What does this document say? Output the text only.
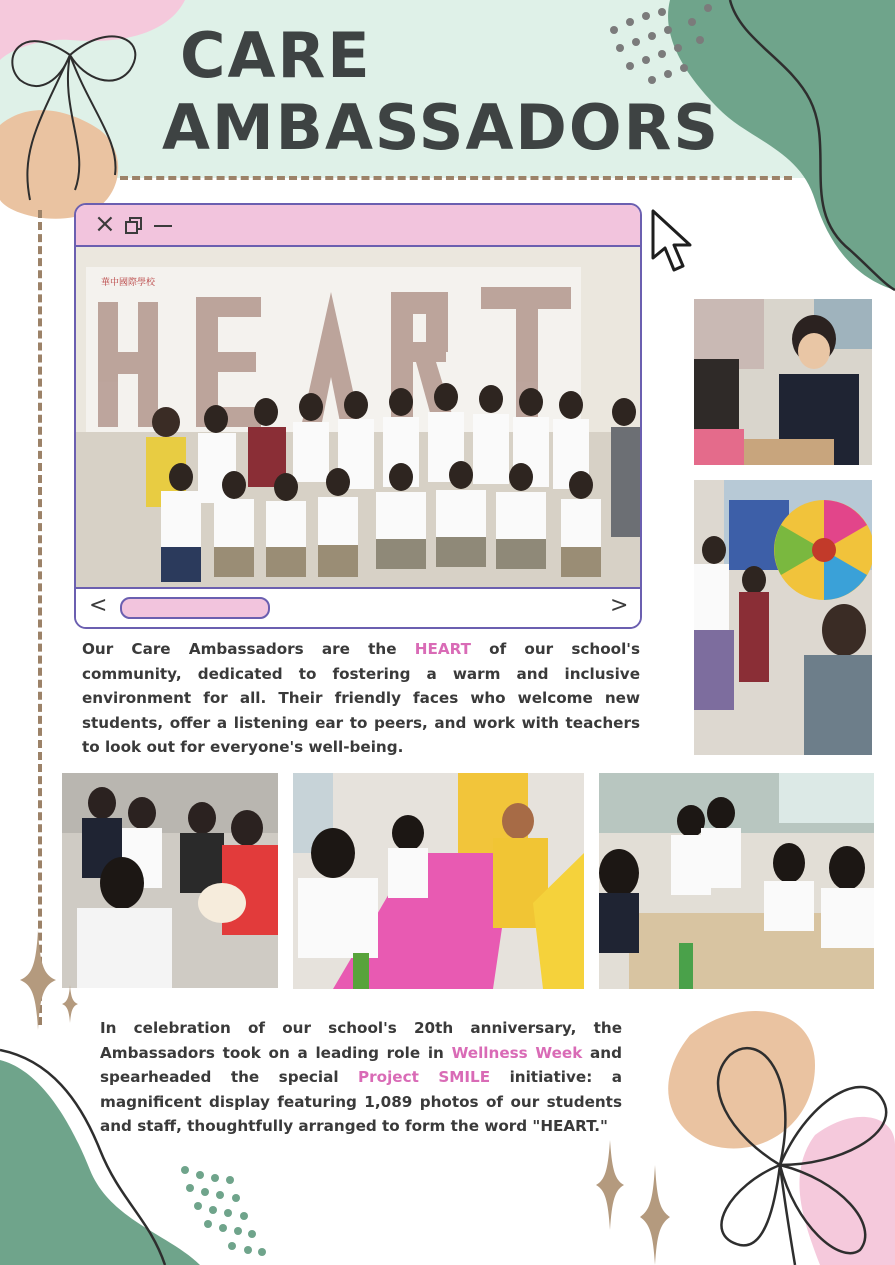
CARE
AMBASSADORS
×
華中國際學校
<	>
Our Care Ambassadors are the HEART of our school's community, dedicated to fostering a warm and inclusive environment for all. Their friendly faces who welcome new students, offer a listening ear to peers, and work with teachers to look out for everyone's well-being.
In celebration of our school's 20th anniversary, the Ambassadors took on a leading role in Wellness Week and spearheaded the special Project SMILE initiative: a magnificent display featuring 1,089 photos of our students and staff, thoughtfully arranged to form the word "HEART."
